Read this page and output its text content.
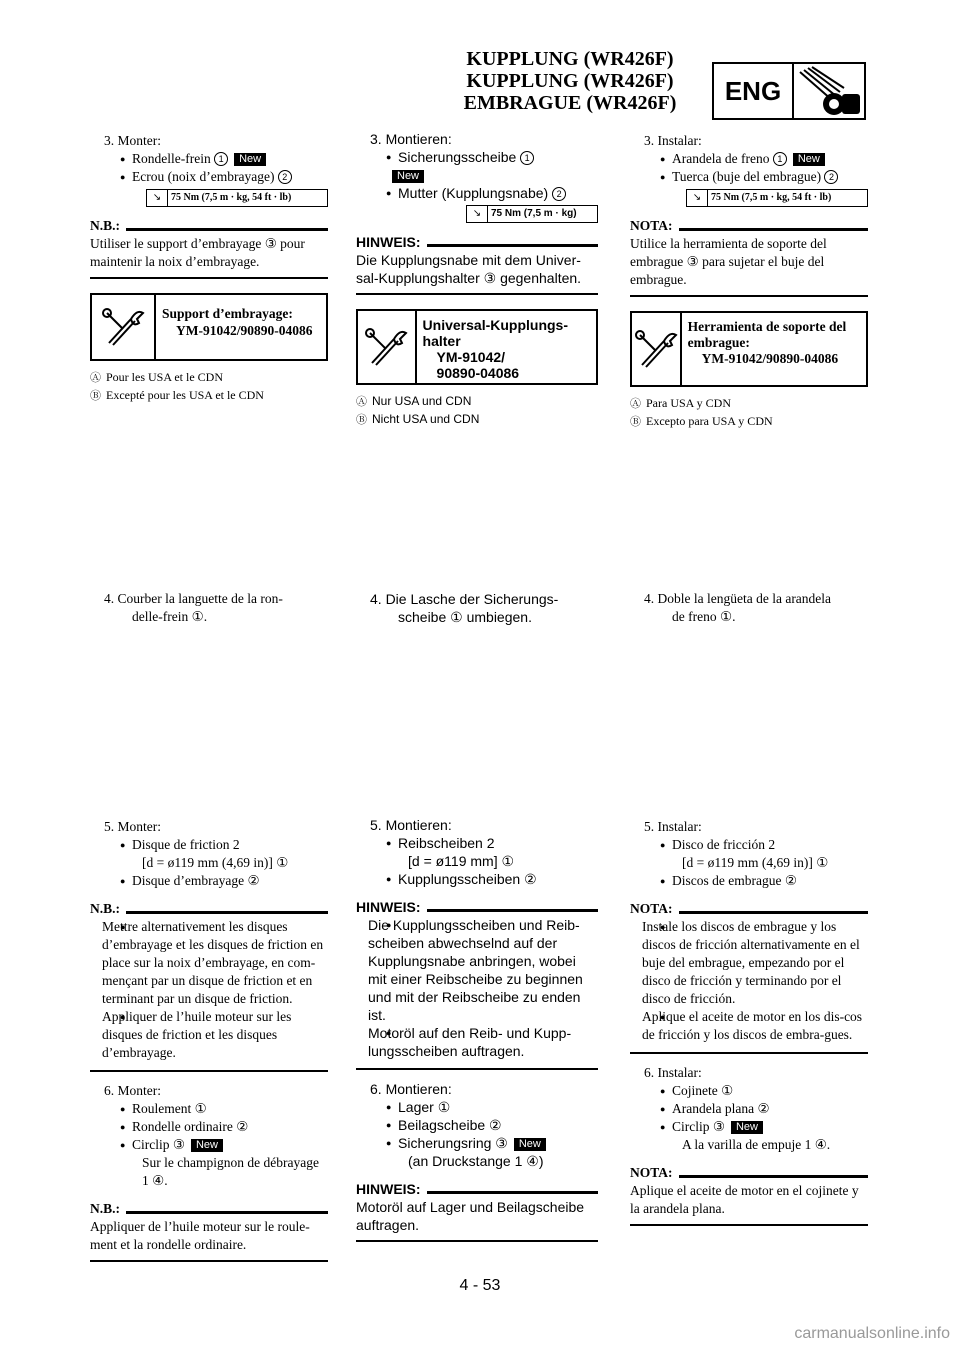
KUPPLUNG (WR426F)
KUPPLUNG (WR426F)
EMBRAGUE (WR426F)	ENG
3. Monter:
● Rondelle-frein 1 New
● Ecrou (noix d’embrayage) 2
↘ 75 Nm (7,5 m · kg, 54 ft · lb)
N.B.:
Utiliser le support d’embrayage ③ pour maintenir la noix d’embrayage.
Support d’embrayage:
YM-91042/90890-04086
Ⓐ Pour les USA et le CDN
Ⓑ Excepté pour les USA et le CDN
4. Courber la languette de la ron-
delle-frein ①.
5. Monter:
● Disque de friction 2
[d = ø119 mm (4,69 in)] ①
● Disque d’embrayage ②
N.B.:
● Mettre alternativement les disques d’embrayage et les disques de friction en place sur la noix d’embrayage, en com-mençant par un disque de friction et en terminant par un disque de friction.
● Appliquer de l’huile moteur sur les disques de friction et les disques d’embrayage.
6. Monter:
● Roulement ①
● Rondelle ordinaire ②
● Circlip ③ New
Sur le champignon de débrayage 1 ④.
N.B.:
Appliquer de l’huile moteur sur le roule-ment et la rondelle ordinaire.
3. Montieren:
● Sicherungsscheibe 1
New
● Mutter (Kupplungsnabe) 2
↘ 75 Nm (7,5 m · kg)
HINWEIS:
Die Kupplungsnabe mit dem Univer-sal-Kupplungshalter ③ gegenhalten.
Universal-Kupplungs-halter
YM-91042/
90890-04086
Ⓐ Nur USA und CDN
Ⓑ Nicht USA und CDN
4. Die Lasche der Sicherungs-
scheibe ① umbiegen.
5. Montieren:
● Reibscheiben 2
[d = ø119 mm] ①
● Kupplungsscheiben ②
HINWEIS:
● Die Kupplungsscheiben und Reib-scheiben abwechselnd auf der Kupplungsnabe anbringen, wobei mit einer Reibscheibe zu beginnen und mit der Reibscheibe zu enden ist.
● Motoröl auf den Reib- und Kupp-lungsscheiben auftragen.
6. Montieren:
● Lager ①
● Beilagscheibe ②
● Sicherungsring ③ New
(an Druckstange 1 ④)
HINWEIS:
Motoröl auf Lager und Beilagscheibe auftragen.
3. Instalar:
● Arandela de freno 1 New
● Tuerca (buje del embrague) 2
↘ 75 Nm (7,5 m · kg, 54 ft · lb)
NOTA:
Utilice la herramienta de soporte del embrague ③ para sujetar el buje del embrague.
Herramienta de soporte del embrague:
YM-91042/90890-04086
Ⓐ Para USA y CDN
Ⓑ Excepto para USA y CDN
4. Doble la lengüeta de la arandela
de freno ①.
5. Instalar:
● Disco de fricción 2
[d = ø119 mm (4,69 in)] ①
● Discos de embrague ②
NOTA:
● Instale los discos de embrague y los discos de fricción alternativamente en el buje del embrague, empezando por el disco de fricción y terminando por el disco de fricción.
● Aplique el aceite de motor en los dis-cos de fricción y los discos de embra-gues.
6. Instalar:
● Cojinete ①
● Arandela plana ②
● Circlip ③ New
A la varilla de empuje 1 ④.
NOTA:
Aplique el aceite de motor en el cojinete y la arandela plana.
4 - 53
carmanualsonline.info
